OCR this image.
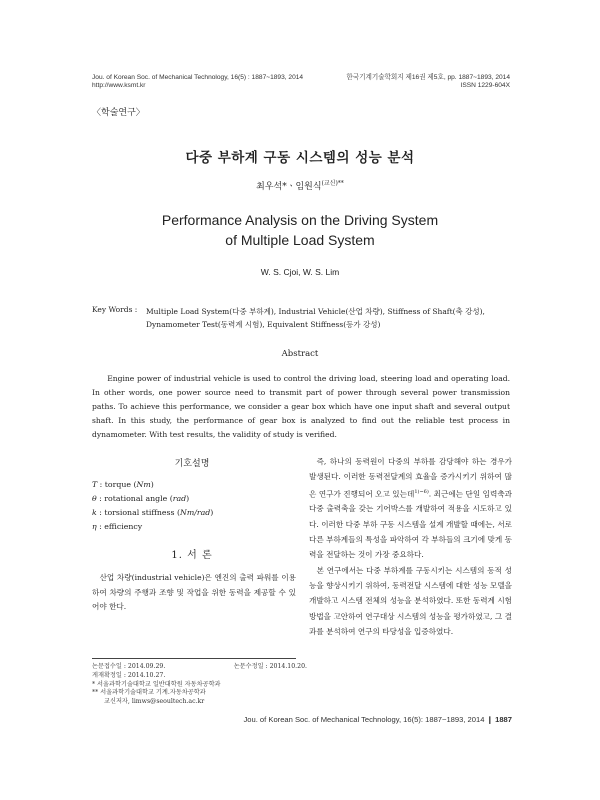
Jou. of Korean Soc. of Mechanical Technology, 16(5) : 1887~1893, 2014
http://www.ksmt.kr
한국기계기술학회지 제16권 제5호, pp. 1887~1893, 2014
ISSN 1229-604X
〈학술연구〉
다중 부하계 구동 시스템의 성능 분석
최우석*ㆍ임원식$^{(교신)**}$
Performance Analysis on the Driving System
of Multiple Load System
W. S. Cjoi, W. S. Lim
Key Words : Multiple Load System(다중 부하계), Industrial Vehicle(산업 차량), Stiffness of Shaft(축 강성), Dynamometer Test(동력계 시험), Equivalent Stiffness(등가 강성)
Abstract

Engine power of industrial vehicle is used to control the driving load, steering load and operating load. In other words, one power source need to transmit part of power through several power transmission paths. To achieve this performance, we consider a gear box which have one input shaft and several output shaft. In this study, the performance of gear box is analyzed to find out the reliable test process in dynamometer. With test results, the validity of study is verified.

기호설명
T : torque (Nm)
θ : rotational angle (rad)
k : torsional stiffness (Nm/rad)
η : efficiency
1. 서 론

산업 차량(industrial vehicle)은 엔진의 출력 파워를 이용하여 차량의 주행과 조향 및 작업을 위한 동력을 제공할 수 있어야 한다.

즉, 하나의 동력원이 다중의 부하를 감당해야 하는 경우가 발생된다. 이러한 동력전달계의 효율을 증가시키기 위하여 많은 연구가 진행되어 오고 있는데$^{1)\sim 6)}$. 최근에는 단일 입력축과 다중 출력축을 갖는 기어박스를 개발하여 적용을 시도하고 있다. 이러한 다중 부하 구동 시스템을 설계 개발할 때에는, 서로 다른 부하계들의 특성을 파악하여 각 부하들의 크기에 맞게 동력을 전달하는 것이 가장 중요하다.

본 연구에서는 다중 부하계를 구동시키는 시스템의 동적 성능을 향상시키기 위하여, 동력전달 시스템에 대한 성능 모델을 개발하고 시스템 전체의 성능을 분석하였다. 또한 동력계 시험방법을 고안하여 연구대상 시스템의 성능을 평가하였고, 그 결과를 분석하여 연구의 타당성을 입증하였다.

논문접수일 : 2014.09.29.	논문수정일 : 2014.10.20.
게재확정일 : 2014.10.27.
* 서울과학기술대학교 일반대학원 자동차공학과
** 서울과학기술대학교 기계.자동차공학과
교신저자, limws@seoultech.ac.kr
Jou. of Korean Soc. of Mechanical Technology, 16(5): 1887~1893, 2014 ❙ 1887
